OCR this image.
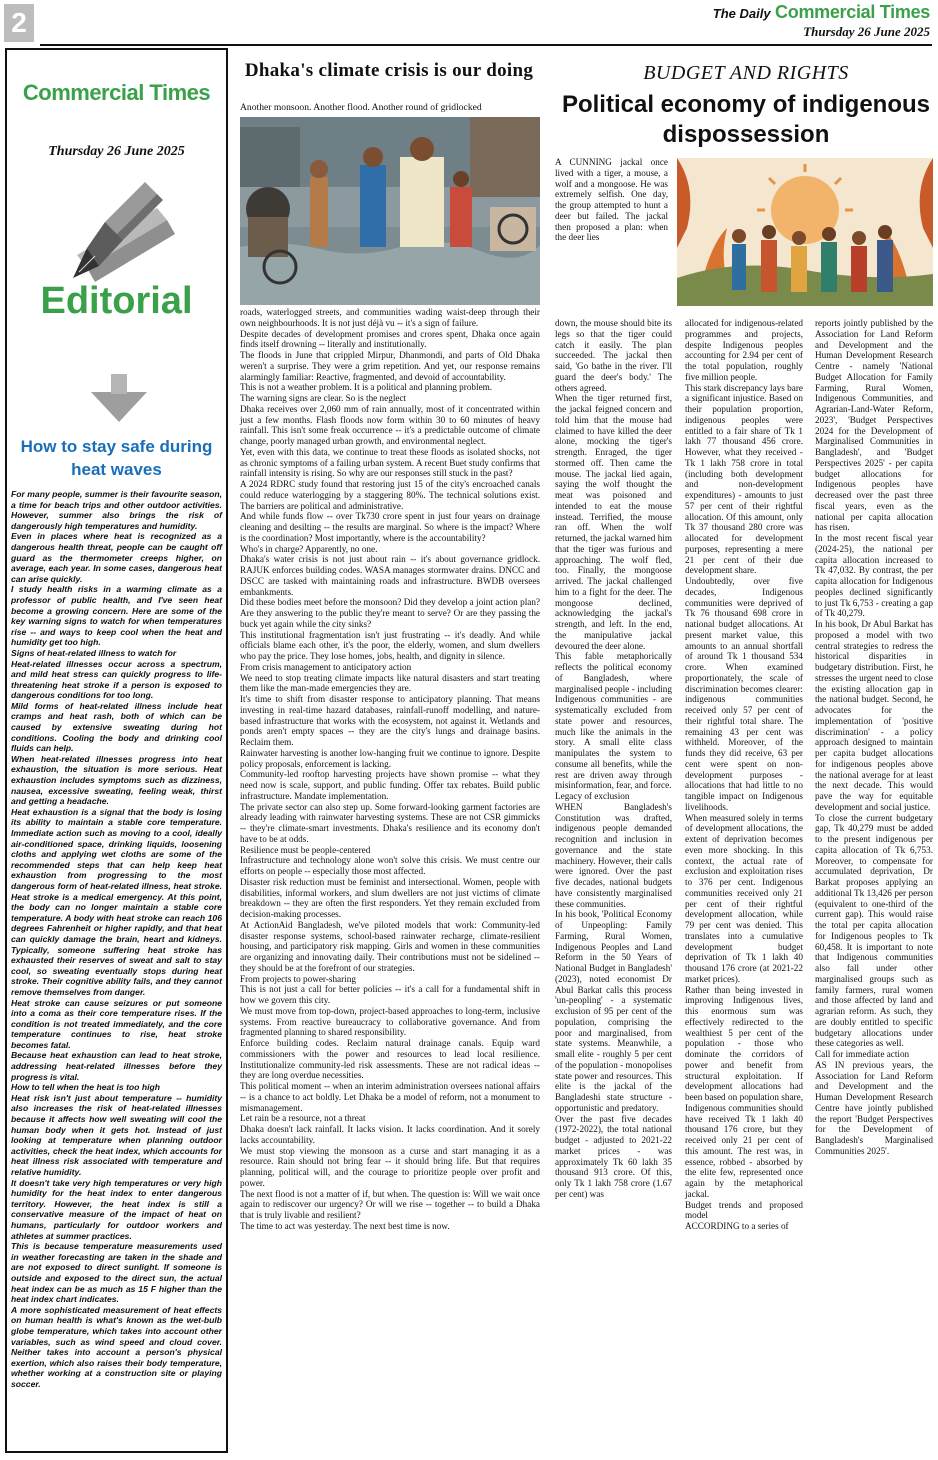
2	The Daily Commercial Times
Thursday 26 June 2025
Commercial Times
Thursday 26 June 2025
Editorial
How to stay safe during heat waves

For many people, summer is their favourite season, a time for beach trips and other outdoor activities. However, summer also brings the risk of dangerously high temperatures and humidity.

Even in places where heat is recognized as a dangerous health threat, people can be caught off guard as the thermometer creeps higher, on average, each year. In some cases, dangerous heat can arise quickly.

I study health risks in a warming climate as a professor of public health, and I've seen heat become a growing concern. Here are some of the key warning signs to watch for when temperatures rise -- and ways to keep cool when the heat and humidity get too high.

Signs of heat-related illness to watch for

Heat-related illnesses occur across a spectrum, and mild heat stress can quickly progress to life-threatening heat stroke if a person is exposed to dangerous conditions for too long.

Mild forms of heat-related illness include heat cramps and heat rash, both of which can be caused by extensive sweating during hot conditions. Cooling the body and drinking cool fluids can help.

When heat-related illnesses progress into heat exhaustion, the situation is more serious. Heat exhaustion includes symptoms such as dizziness, nausea, excessive sweating, feeling weak, thirst and getting a headache.

Heat exhaustion is a signal that the body is losing its ability to maintain a stable core temperature. Immediate action such as moving to a cool, ideally air-conditioned space, drinking liquids, loosening cloths and applying wet cloths are some of the recommended steps that can help keep heat exhaustion from progressing to the most dangerous form of heat-related illness, heat stroke. Heat stroke is a medical emergency. At this point, the body can no longer maintain a stable core temperature. A body with heat stroke can reach 106 degrees Fahrenheit or higher rapidly, and that heat can quickly damage the brain, heart and kidneys. Typically, someone suffering heat stroke has exhausted their reserves of sweat and salt to stay cool, so sweating eventually stops during heat stroke. Their cognitive ability fails, and they cannot remove themselves from danger.

Heat stroke can cause seizures or put someone into a coma as their core temperature rises. If the condition is not treated immediately, and the core temperature continues to rise, heat stroke becomes fatal.

Because heat exhaustion can lead to heat stroke, addressing heat-related illnesses before they progress is vital.

How to tell when the heat is too high

Heat risk isn't just about temperature -- humidity also increases the risk of heat-related illnesses because it affects how well sweating will cool the human body when it gets hot. Instead of just looking at temperature when planning outdoor activities, check the heat index, which accounts for heat illness risk associated with temperature and relative humidity.

It doesn't take very high temperatures or very high humidity for the heat index to enter dangerous territory. However, the heat index is still a conservative measure of the impact of heat on humans, particularly for outdoor workers and athletes at summer practices.

This is because temperature measurements used in weather forecasting are taken in the shade and are not exposed to direct sunlight. If someone is outside and exposed to the direct sun, the actual heat index can be as much as 15 F higher than the heat index chart indicates.

A more sophisticated measurement of heat effects on human health is what's known as the wet-bulb globe temperature, which takes into account other variables, such as wind speed and cloud cover. Neither takes into account a person's physical exertion, which also raises their body temperature, whether working at a construction site or playing soccer.

Dhaka's climate crisis is our doing
Another monsoon. Another flood. Another round of gridlocked

roads, waterlogged streets, and communities wading waist-deep through their own neighbourhoods. It is not just déjà vu -- it's a sign of failure.

Despite decades of development promises and crores spent, Dhaka once again finds itself drowning -- literally and institutionally.

The floods in June that crippled Mirpur, Dhanmondi, and parts of Old Dhaka weren't a surprise. They were a grim repetition. And yet, our response remains alarmingly familiar: Reactive, fragmented, and devoid of accountability.

This is not a weather problem. It is a political and planning problem.

The warning signs are clear. So is the neglect

Dhaka receives over 2,060 mm of rain annually, most of it concentrated within just a few months. Flash floods now form within 30 to 60 minutes of heavy rainfall. This isn't some freak occurrence -- it's a predictable outcome of climate change, poorly managed urban growth, and environmental neglect.

Yet, even with this data, we continue to treat these floods as isolated shocks, not as chronic symptoms of a failing urban system. A recent Buet study confirms that rainfall intensity is rising. So why are our responses still stuck in the past?

A 2024 RDRC study found that restoring just 15 of the city's encroached canals could reduce waterlogging by a staggering 80%. The technical solutions exist. The barriers are political and administrative.

And while funds flow -- over Tk730 crore spent in just four years on drainage cleaning and desilting -- the results are marginal. So where is the impact? Where is the coordination? Most importantly, where is the accountability?

Who's in charge? Apparently, no one.

Dhaka's water crisis is not just about rain -- it's about governance gridlock. RAJUK enforces building codes. WASA manages stormwater drains. DNCC and DSCC are tasked with maintaining roads and infrastructure. BWDB oversees embankments.

Did these bodies meet before the monsoon? Did they develop a joint action plan? Are they answering to the public they're meant to serve? Or are they passing the buck yet again while the city sinks?

This institutional fragmentation isn't just frustrating -- it's deadly. And while officials blame each other, it's the poor, the elderly, women, and slum dwellers who pay the price. They lose homes, jobs, health, and dignity in silence.

From crisis management to anticipatory action

We need to stop treating climate impacts like natural disasters and start treating them like the man-made emergencies they are.

It's time to shift from disaster response to anticipatory planning. That means investing in real-time hazard databases, rainfall-runoff modelling, and nature-based infrastructure that works with the ecosystem, not against it. Wetlands and ponds aren't empty spaces -- they are the city's lungs and drainage basins. Reclaim them.

Rainwater harvesting is another low-hanging fruit we continue to ignore. Despite policy proposals, enforcement is lacking.

Community-led rooftop harvesting projects have shown promise -- what they need now is scale, support, and public funding. Offer tax rebates. Build public infrastructure. Mandate implementation.

The private sector can also step up. Some forward-looking garment factories are already leading with rainwater harvesting systems. These are not CSR gimmicks -- they're climate-smart investments. Dhaka's resilience and its economy don't have to be at odds.

Resilience must be people-centered

Infrastructure and technology alone won't solve this crisis. We must centre our efforts on people -- especially those most affected.

Disaster risk reduction must be feminist and intersectional. Women, people with disabilities, informal workers, and slum dwellers are not just victims of climate breakdown -- they are often the first responders. Yet they remain excluded from decision-making processes.

At ActionAid Bangladesh, we've piloted models that work: Community-led disaster response systems, school-based rainwater recharge, climate-resilient housing, and participatory risk mapping. Girls and women in these communities are organizing and innovating daily. Their contributions must not be sidelined -- they should be at the forefront of our strategies.

From projects to power-sharing

This is not just a call for better policies -- it's a call for a fundamental shift in how we govern this city.

We must move from top-down, project-based approaches to long-term, inclusive systems. From reactive bureaucracy to collaborative governance. And from fragmented planning to shared responsibility.

Enforce building codes. Reclaim natural drainage canals. Equip ward commissioners with the power and resources to lead local resilience. Institutionalize community-led risk assessments. These are not radical ideas -- they are long overdue necessities.

This political moment -- when an interim administration oversees national affairs -- is a chance to act boldly. Let Dhaka be a model of reform, not a monument to mismanagement.

Let rain be a resource, not a threat

Dhaka doesn't lack rainfall. It lacks vision. It lacks coordination. And it sorely lacks accountability.

We must stop viewing the monsoon as a curse and start managing it as a resource. Rain should not bring fear -- it should bring life. But that requires planning, political will, and the courage to prioritize people over profit and power.

The next flood is not a matter of if, but when. The question is: Will we wait once again to rediscover our urgency? Or will we rise -- together -- to build a Dhaka that is truly livable and resilient?

The time to act was yesterday. The next best time is now.

BUDGET AND RIGHTS
Political economy of indigenous dispossession

A CUNNING jackal once lived with a tiger, a mouse, a wolf and a mongoose. He was extremely selfish. One day, the group attempted to hunt a deer but failed. The jackal then proposed a plan: when the deer lies

down, the mouse should bite its legs so that the tiger could catch it easily. The plan succeeded. The jackal then said, 'Go bathe in the river. I'll guard the deer's body.' The others agreed.

When the tiger returned first, the jackal feigned concern and told him that the mouse had claimed to have killed the deer alone, mocking the tiger's strength. Enraged, the tiger stormed off. Then came the mouse. The jackal lied again, saying the wolf thought the meat was poisoned and intended to eat the mouse instead. Terrified, the mouse ran off. When the wolf returned, the jackal warned him that the tiger was furious and approaching. The wolf fled, too. Finally, the mongoose arrived. The jackal challenged him to a fight for the deer. The mongoose declined, acknowledging the jackal's strength, and left. In the end, the manipulative jackal devoured the deer alone.

This fable metaphorically reflects the political economy of Bangladesh, where marginalised people - including Indigenous communities - are systematically excluded from state power and resources, much like the animals in the story. A small elite class manipulates the system to consume all benefits, while the rest are driven away through misinformation, fear, and force.

Legacy of exclusion

WHEN Bangladesh's Constitution was drafted, indigenous people demanded recognition and inclusion in governance and the state machinery. However, their calls were ignored. Over the past five decades, national budgets have consistently marginalised these communities.

In his book, 'Political Economy of Unpeopling: Family Farming, Rural Women, Indigenous Peoples and Land Reform in the 50 Years of National Budget in Bangladesh' (2023), noted economist Dr Abul Barkat calls this process 'un-peopling' - a systematic exclusion of 95 per cent of the population, comprising the poor and marginalised, from state systems. Meanwhile, a small elite - roughly 5 per cent of the population - monopolises state power and resources. This elite is the jackal of the Bangladeshi state structure - opportunistic and predatory.

Over the past five decades (1972-2022), the total national budget - adjusted to 2021-22 market prices - was approximately Tk 60 lakh 35 thousand 913 crore. Of this, only Tk 1 lakh 758 crore (1.67 per cent) was

allocated for indigenous-related programmes and projects, despite Indigenous peoples accounting for 2.94 per cent of the total population, roughly five million people.

This stark discrepancy lays bare a significant injustice. Based on their population proportion, indigenous peoples were entitled to a fair share of Tk 1 lakh 77 thousand 456 crore. However, what they received - Tk 1 lakh 758 crore in total (including both development and non-development expenditures) - amounts to just 57 per cent of their rightful allocation. Of this amount, only Tk 37 thousand 280 crore was allocated for development purposes, representing a mere 21 per cent of their due development share.

Undoubtedly, over five decades, Indigenous communities were deprived of Tk 76 thousand 698 crore in national budget allocations. At present market value, this amounts to an annual shortfall of around Tk 1 thousand 534 crore. When examined proportionately, the scale of discrimination becomes clearer: indigenous communities received only 57 per cent of their rightful total share. The remaining 43 per cent was withheld. Moreover, of the funds they did receive, 63 per cent were spent on non-development purposes - allocations that had little to no tangible impact on Indigenous livelihoods.

When measured solely in terms of development allocations, the extent of deprivation becomes even more shocking. In this context, the actual rate of exclusion and exploitation rises to 376 per cent. Indigenous communities received only 21 per cent of their rightful development allocation, while 79 per cent was denied. This translates into a cumulative development budget deprivation of Tk 1 lakh 40 thousand 176 crore (at 2021-22 market prices).

Rather than being invested in improving Indigenous lives, this enormous sum was effectively redirected to the wealthiest 5 per cent of the population - those who dominate the corridors of power and benefit from structural exploitation. If development allocations had been based on population share, Indigenous communities should have received Tk 1 lakh 40 thousand 176 crore, but they received only 21 per cent of this amount. The rest was, in essence, robbed - absorbed by the elite few, represented once again by the metaphorical jackal.

Budget trends and proposed model

ACCORDING to a series of

reports jointly published by the Association for Land Reform and Development and the Human Development Research Centre - namely 'National Budget Allocation for Family Farming, Rural Women, Indigenous Communities, and Agrarian-Land-Water Reform, 2023', 'Budget Perspectives 2024 for the Development of Marginalised Communities in Bangladesh', and 'Budget Perspectives 2025' - per capita budget allocations for Indigenous peoples have decreased over the past three fiscal years, even as the national per capita allocation has risen.

In the most recent fiscal year (2024-25), the national per capita allocation increased to Tk 47,032. By contrast, the per capita allocation for Indigenous peoples declined significantly to just Tk 6,753 - creating a gap of Tk 40,279.

In his book, Dr Abul Barkat has proposed a model with two central strategies to redress the historical disparities in budgetary distribution. First, he stresses the urgent need to close the existing allocation gap in the national budget. Second, he advocates for the implementation of 'positive discrimination' - a policy approach designed to maintain per capita budget allocations for indigenous peoples above the national average for at least the next decade. This would pave the way for equitable development and social justice.

To close the current budgetary gap, Tk 40,279 must be added to the present indigenous per capita allocation of Tk 6,753. Moreover, to compensate for accumulated deprivation, Dr Barkat proposes applying an additional Tk 13,426 per person (equivalent to one-third of the current gap). This would raise the total per capita allocation for Indigenous peoples to Tk 60,458. It is important to note that Indigenous communities also fall under other marginalised groups such as family farmers, rural women and those affected by land and agrarian reform. As such, they are doubly entitled to specific budgetary allocations under these categories as well.

Call for immediate action

AS IN previous years, the Association for Land Reform and Development and the Human Development Research Centre have jointly published the report 'Budget Perspectives for the Development of Bangladesh's Marginalised Communities 2025'.
